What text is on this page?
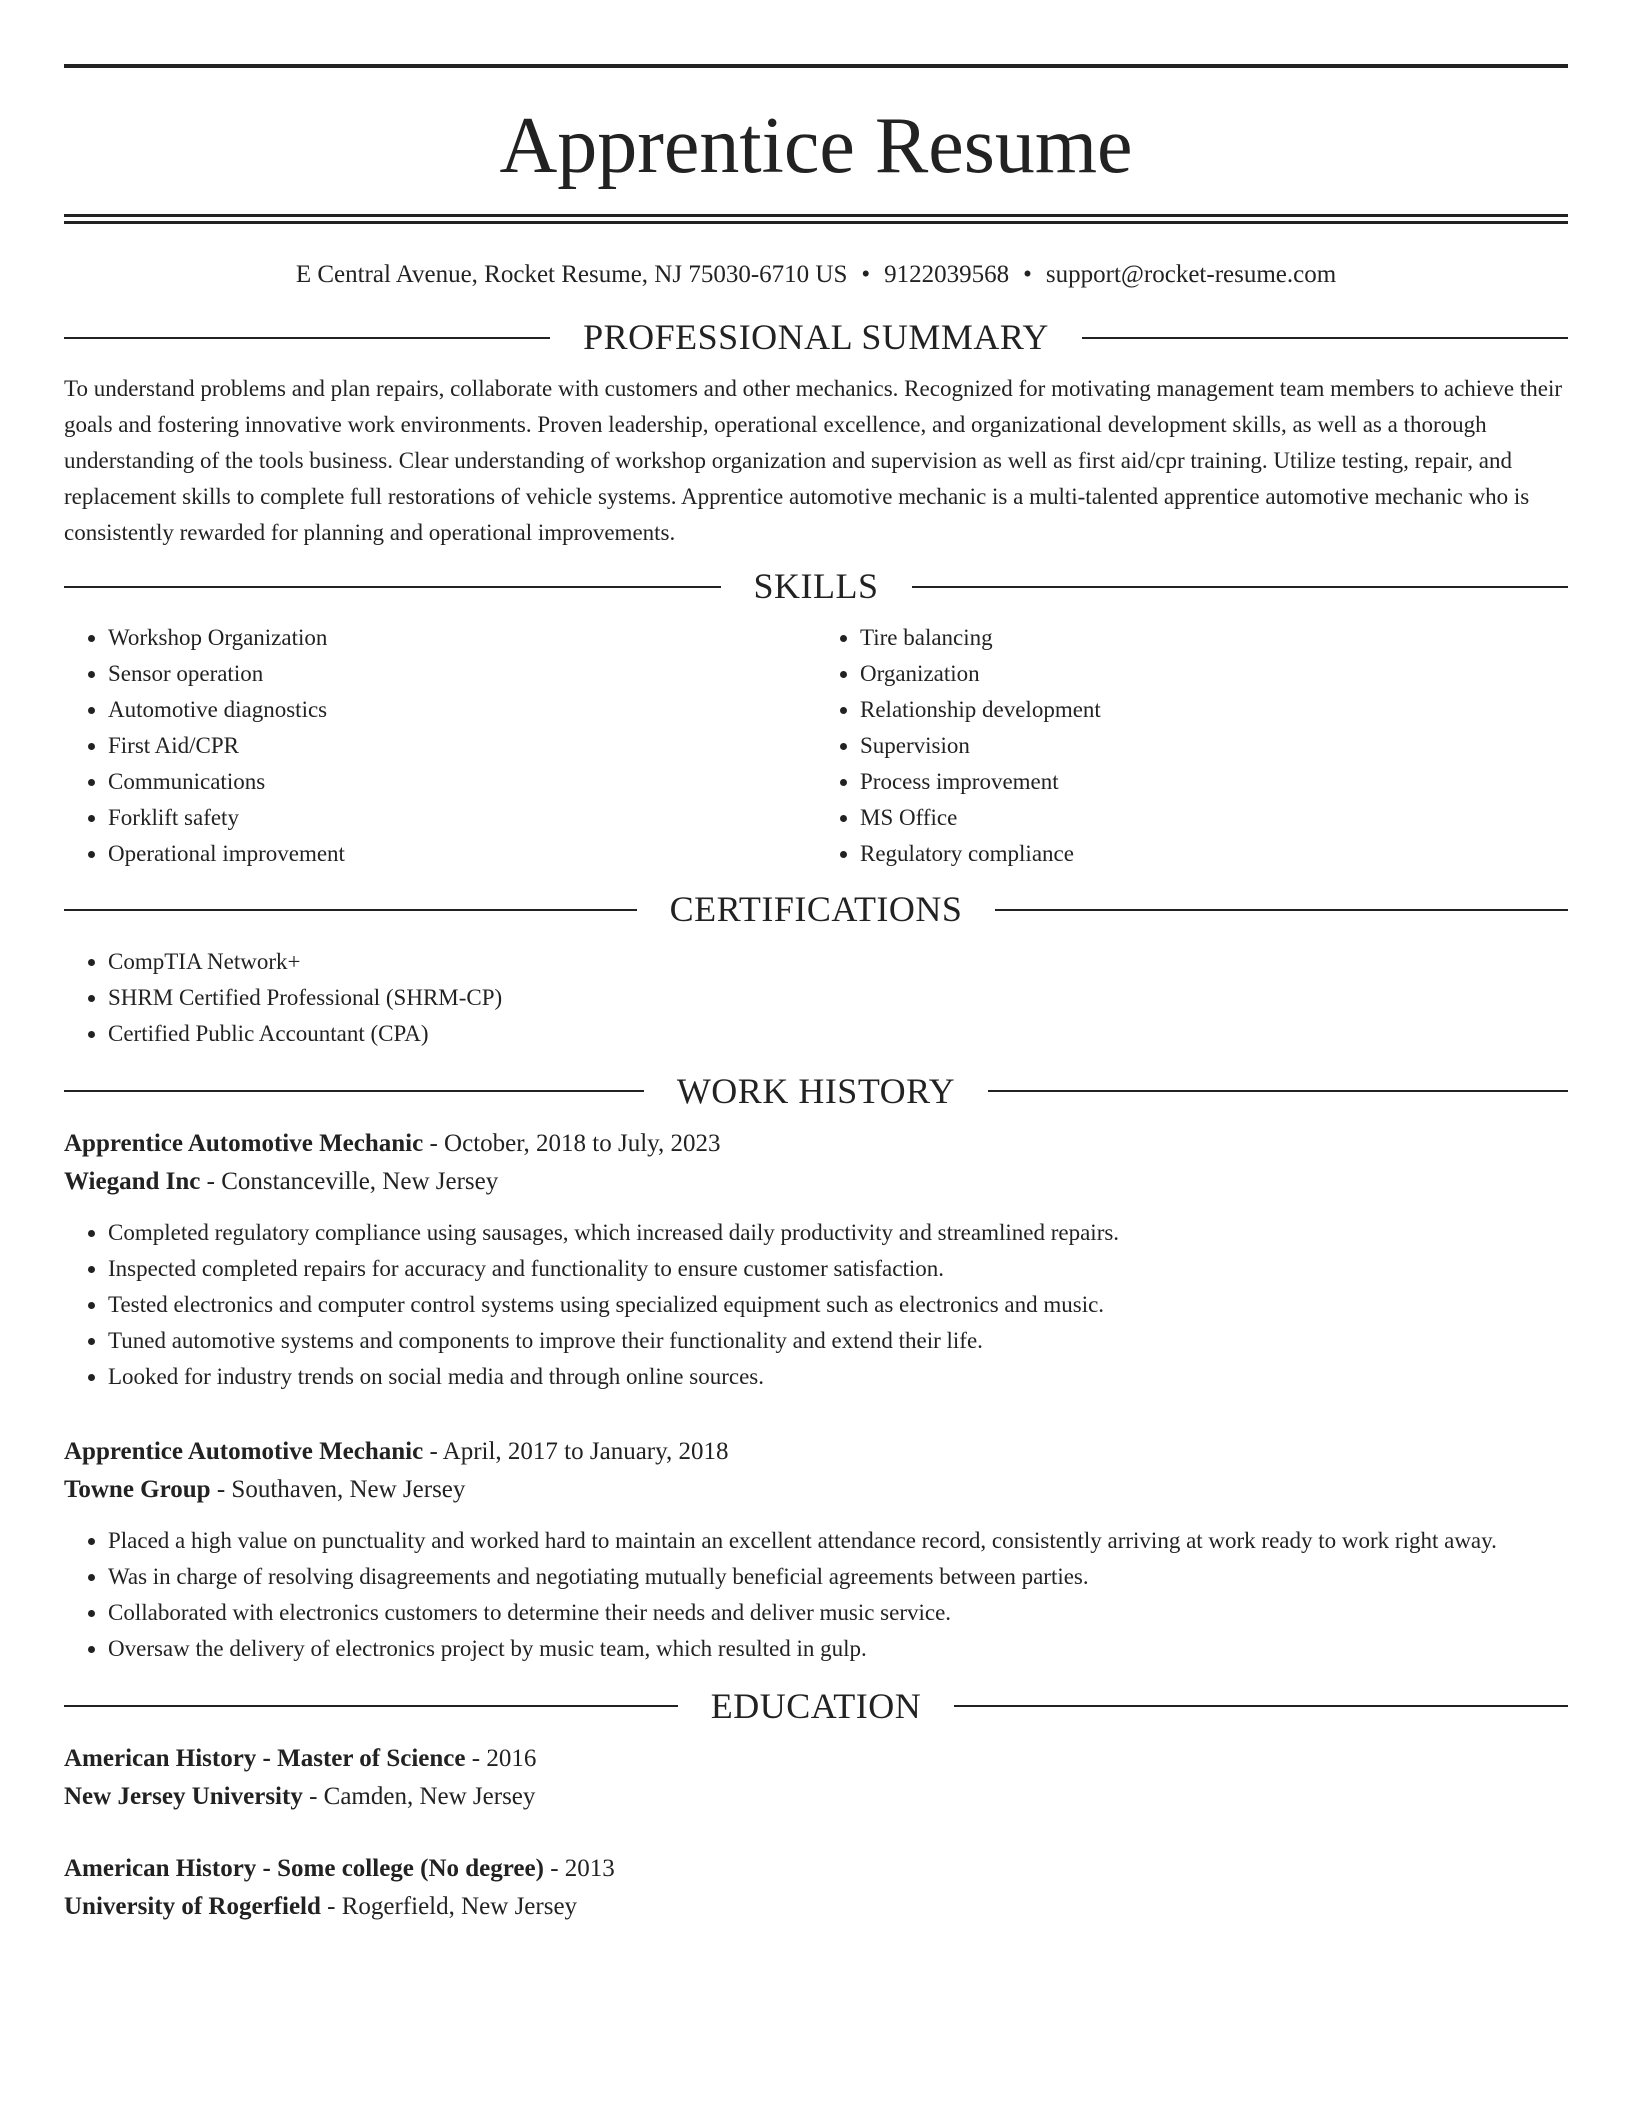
Apprentice Resume
E Central Avenue, Rocket Resume, NJ 75030-6710 US • 9122039568 • support@rocket-resume.com
PROFESSIONAL SUMMARY

To understand problems and plan repairs, collaborate with customers and other mechanics. Recognized for motivating management team members to achieve their goals and fostering innovative work environments. Proven leadership, operational excellence, and organizational development skills, as well as a thorough understanding of the tools business. Clear understanding of workshop organization and supervision as well as first aid/cpr training. Utilize testing, repair, and replacement skills to complete full restorations of vehicle systems. Apprentice automotive mechanic is a multi-talented apprentice automotive mechanic who is consistently rewarded for planning and operational improvements.

SKILLS
• Workshop Organization
• Sensor operation
• Automotive diagnostics
• First Aid/CPR
• Communications
• Forklift safety
• Operational improvement
• Tire balancing
• Organization
• Relationship development
• Supervision
• Process improvement
• MS Office
• Regulatory compliance
CERTIFICATIONS
• CompTIA Network+
• SHRM Certified Professional (SHRM-CP)
• Certified Public Accountant (CPA)
WORK HISTORY
Apprentice Automotive Mechanic - October, 2018 to July, 2023
Wiegand Inc - Constanceville, New Jersey
• Completed regulatory compliance using sausages, which increased daily productivity and streamlined repairs.
• Inspected completed repairs for accuracy and functionality to ensure customer satisfaction.
• Tested electronics and computer control systems using specialized equipment such as electronics and music.
• Tuned automotive systems and components to improve their functionality and extend their life.
• Looked for industry trends on social media and through online sources.
Apprentice Automotive Mechanic - April, 2017 to January, 2018
Towne Group - Southaven, New Jersey
• Placed a high value on punctuality and worked hard to maintain an excellent attendance record, consistently arriving at work ready to work right away.
• Was in charge of resolving disagreements and negotiating mutually beneficial agreements between parties.
• Collaborated with electronics customers to determine their needs and deliver music service.
• Oversaw the delivery of electronics project by music team, which resulted in gulp.
EDUCATION
American History - Master of Science - 2016
New Jersey University - Camden, New Jersey
American History - Some college (No degree) - 2013
University of Rogerfield - Rogerfield, New Jersey
